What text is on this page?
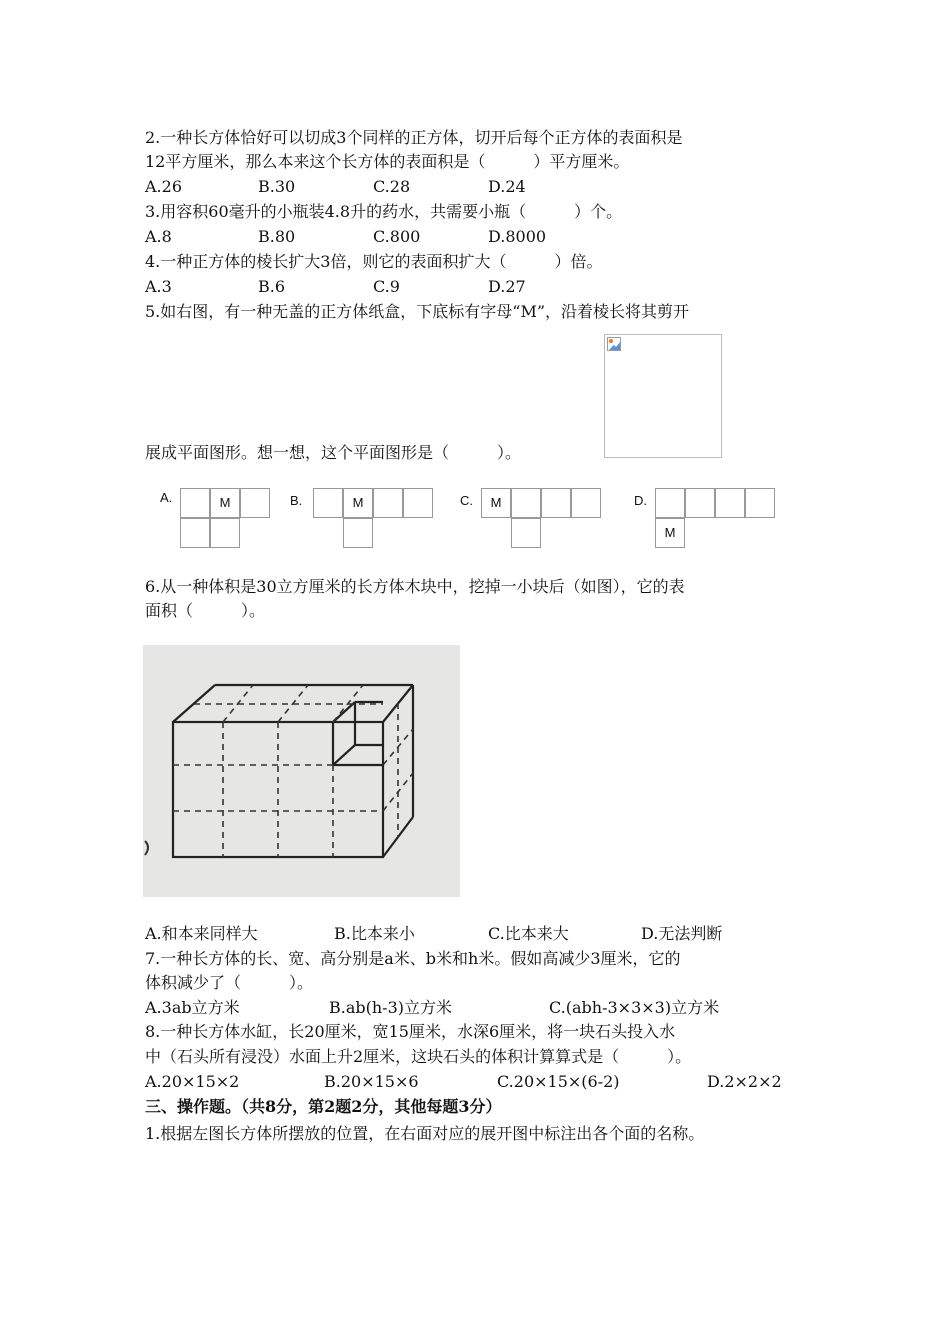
2.一种长方体恰好可以切成3个同样的正方体，切开后每个正方体的表面积是
12平方厘米，那么本来这个长方体的表面积是（　　　）平方厘米。
A.26	B.30	C.28	D.24
3.用容积60毫升的小瓶装4.8升的药水，共需要小瓶（　　　）个。
A.8	B.80	C.800	D.8000
4.一种正方体的棱长扩大3倍，则它的表面积扩大（　　　）倍。
A.3	B.6	C.9	D.27
5.如右图，有一种无盖的正方体纸盒，下底标有字母“M”，沿着棱长将其剪开
展成平面图形。想一想，这个平面图形是（　　　）。
A.	M	B.	M	C.	M	D.
M
6.从一种体积是30立方厘米的长方体木块中，挖掉一小块后（如图），它的表
面积（　　　）。
A.和本来同样大	B.比本来小	C.比本来大	D.无法判断
7.一种长方体的长、宽、高分别是a米、b米和h米。假如高减少3厘米，它的
体积减少了（　　　）。
A.3ab立方米	B.ab(h-3)立方米	C.(abh-3×3×3)立方米
8.一种长方体水缸，长20厘米，宽15厘米，水深6厘米，将一块石头投入水
中（石头所有浸没）水面上升2厘米，这块石头的体积计算算式是（　　　）。
A.20×15×2	B.20×15×6	C.20×15×(6-2)	D.2×2×2
三、操作题。（共8分，第2题2分，其他每题3分）
1.根据左图长方体所摆放的位置，在右面对应的展开图中标注出各个面的名称。
